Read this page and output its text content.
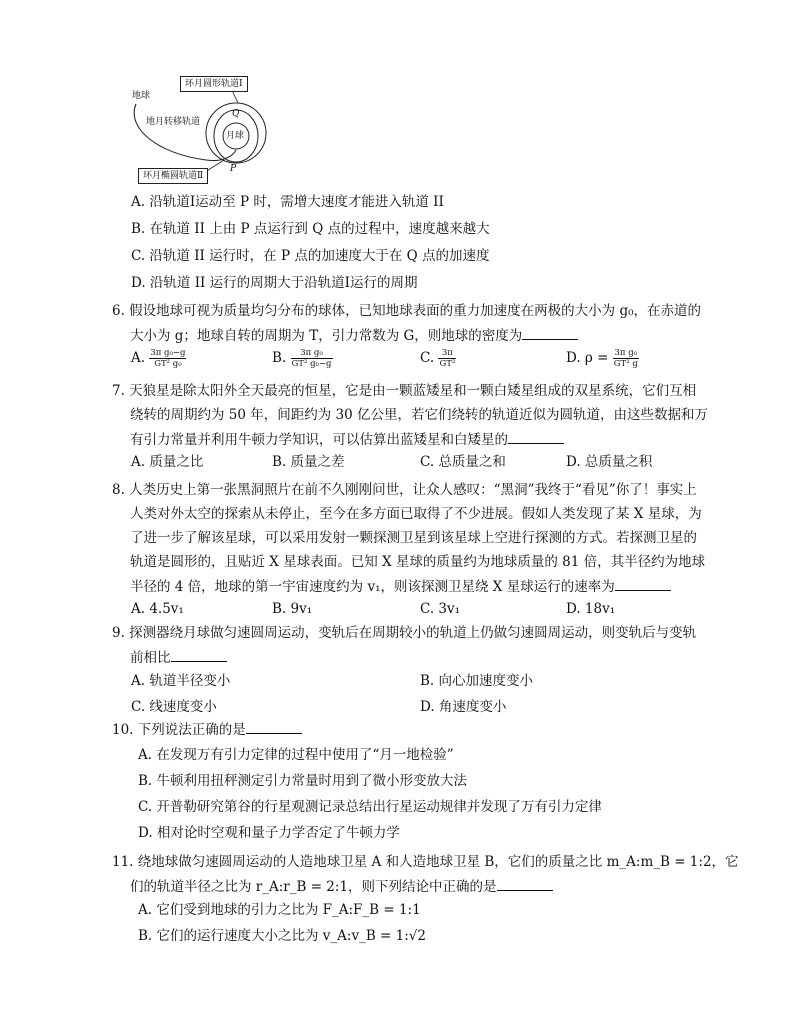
地球
地月转移轨道
月球
Q
P
环月圆形轨道Ⅰ
环月椭圆轨道Ⅱ
A. 沿轨道Ⅰ运动至 P 时，需增大速度才能进入轨道 II
B. 在轨道 II 上由 P 点运行到 Q 点的过程中，速度越来越大
C. 沿轨道 II 运行时，在 P 点的加速度大于在 Q 点的加速度
D. 沿轨道 II 运行的周期大于沿轨道Ⅰ运行的周期
6. 假设地球可视为质量均匀分布的球体，已知地球表面的重力加速度在两极的大小为 g₀，在赤道的
大小为 g；地球自转的周期为 T，引力常数为 G，则地球的密度为
A. $\frac{\text{3π g₀−g}}{\text{GT² g₀}}$	B. $\frac{\text{3π g₀}}{\text{GT² g₀−g}}$	C. $\frac{3\pi}{\text{GT²}}$	D. $\rho = \frac{\text{3π g₀}}{\text{GT² g}}$
7. 天狼星是除太阳外全天最亮的恒星，它是由一颗蓝矮星和一颗白矮星组成的双星系统，它们互相
绕转的周期约为 50 年，间距约为 30 亿公里，若它们绕转的轨道近似为圆轨道，由这些数据和万
有引力常量并利用牛顿力学知识，可以估算出蓝矮星和白矮星的
A. 质量之比	B. 质量之差	C. 总质量之和	D. 总质量之积
8. 人类历史上第一张黑洞照片在前不久刚刚问世，让众人感叹：“黑洞”我终于“看见”你了！事实上
人类对外太空的探索从未停止，至今在多方面已取得了不少进展。假如人类发现了某 X 星球，为
了进一步了解该星球，可以采用发射一颗探测卫星到该星球上空进行探测的方式。若探测卫星的
轨道是圆形的，且贴近 X 星球表面。已知 X 星球的质量约为地球质量的 81 倍，其半径约为地球
半径的 4 倍，地球的第一宇宙速度约为 v₁，则该探测卫星绕 X 星球运行的速率为
A. 4.5v₁	B. 9v₁	C. 3v₁	D. 18v₁
9. 探测器绕月球做匀速圆周运动，变轨后在周期较小的轨道上仍做匀速圆周运动，则变轨后与变轨
前相比
A. 轨道半径变小	B. 向心加速度变小
C. 线速度变小	D. 角速度变小
10. 下列说法正确的是
A. 在发现万有引力定律的过程中使用了“月一地检验”
B. 牛顿利用扭秤测定引力常量时用到了微小形变放大法
C. 开普勒研究第谷的行星观测记录总结出行星运动规律并发现了万有引力定律
D. 相对论时空观和量子力学否定了牛顿力学
11. 绕地球做匀速圆周运动的人造地球卫星 A 和人造地球卫星 B，它们的质量之比 m_A:m_B = 1:2，它
们的轨道半径之比为 r_A:r_B = 2:1，则下列结论中正确的是
A. 它们受到地球的引力之比为 F_A:F_B = 1:1
B. 它们的运行速度大小之比为 v_A:v_B = 1:√2
